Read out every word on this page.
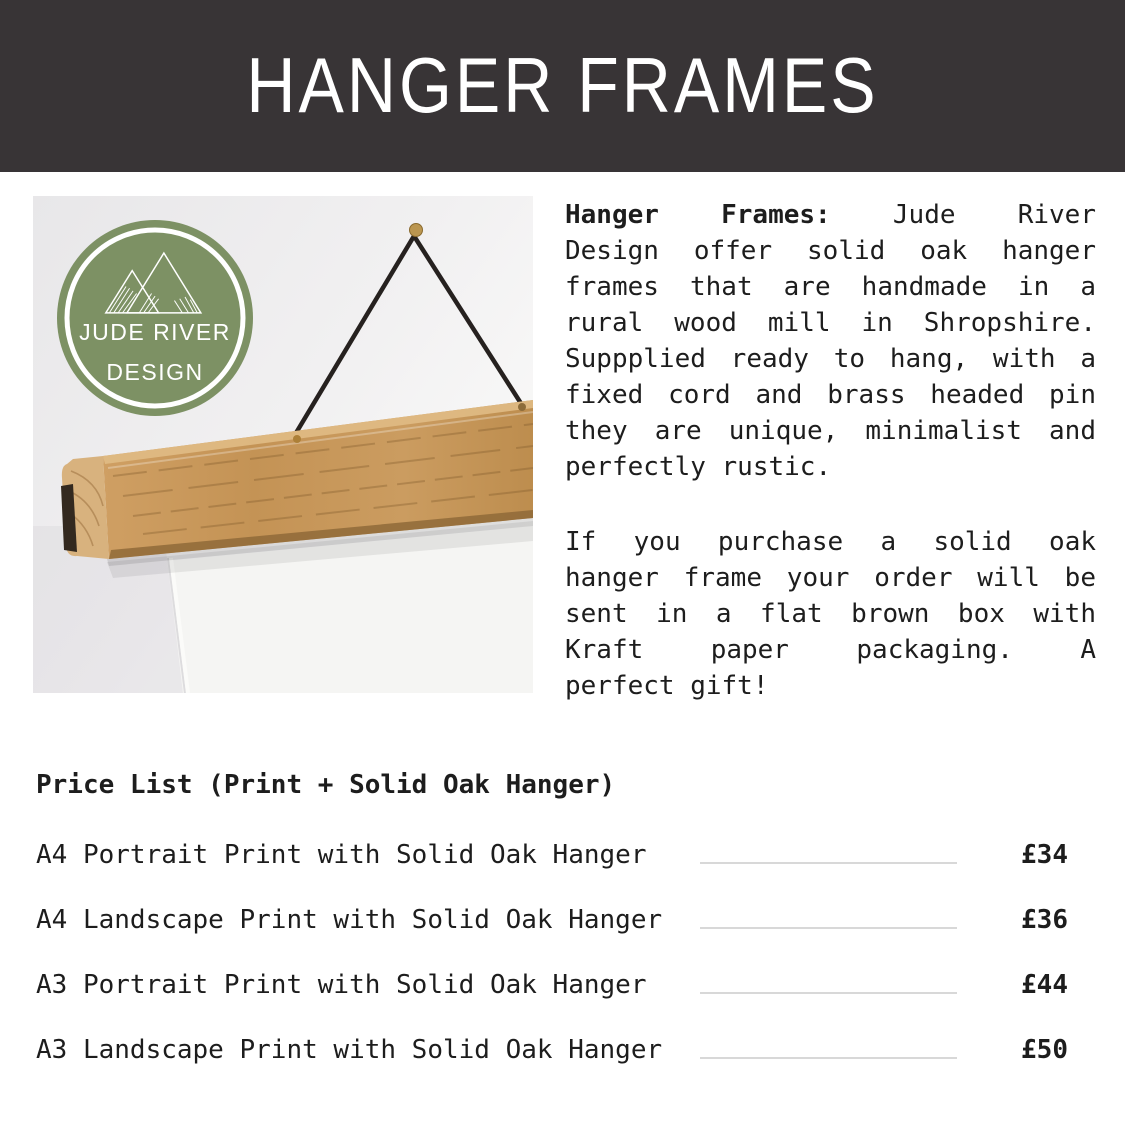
HANGER FRAMES
JUDE RIVER
DESIGN
Hanger Frames: Jude River
Design offer solid oak hanger
frames that are handmade in a
rural wood mill in Shropshire.
Suppplied ready to hang, with a
fixed cord and brass headed pin
they are unique, minimalist and
perfectly rustic.
If you purchase a solid oak
hanger frame your order will be
sent in a flat brown box with
Kraft paper packaging. A
perfect gift!
Price List (Print + Solid Oak Hanger)
A4 Portrait Print with Solid Oak Hanger	£34
A4 Landscape Print with Solid Oak Hanger	£36
A3 Portrait Print with Solid Oak Hanger	£44
A3 Landscape Print with Solid Oak Hanger	£50
